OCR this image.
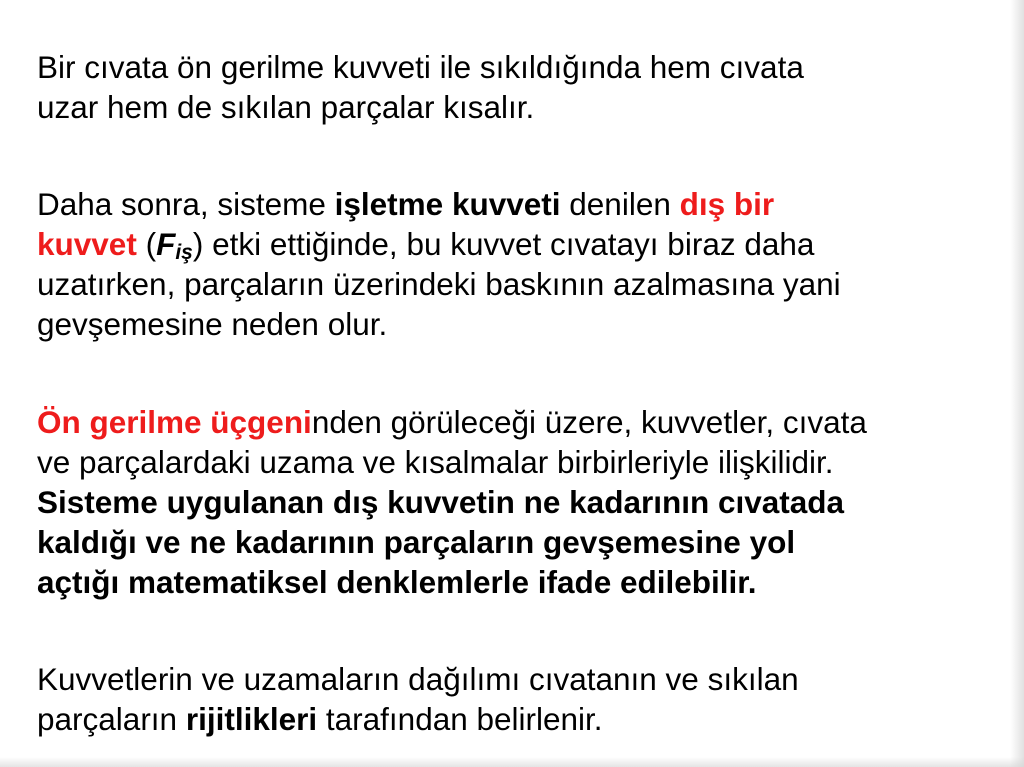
Bir cıvata ön gerilme kuvveti ile sıkıldığında hem cıvata
uzar hem de sıkılan parçalar kısalır.

Daha sonra, sisteme işletme kuvveti denilen dış bir
kuvvet (Fiş) etki ettiğinde, bu kuvvet cıvatayı biraz daha
uzatırken, parçaların üzerindeki baskının azalmasına yani
gevşemesine neden olur.

Ön gerilme üçgeninden görüleceği üzere, kuvvetler, cıvata
ve parçalardaki uzama ve kısalmalar birbirleriyle ilişkilidir.
Sisteme uygulanan dış kuvvetin ne kadarının cıvatada
kaldığı ve ne kadarının parçaların gevşemesine yol
açtığı matematiksel denklemlerle ifade edilebilir.

Kuvvetlerin ve uzamaların dağılımı cıvatanın ve sıkılan
parçaların rijitlikleri tarafından belirlenir.
